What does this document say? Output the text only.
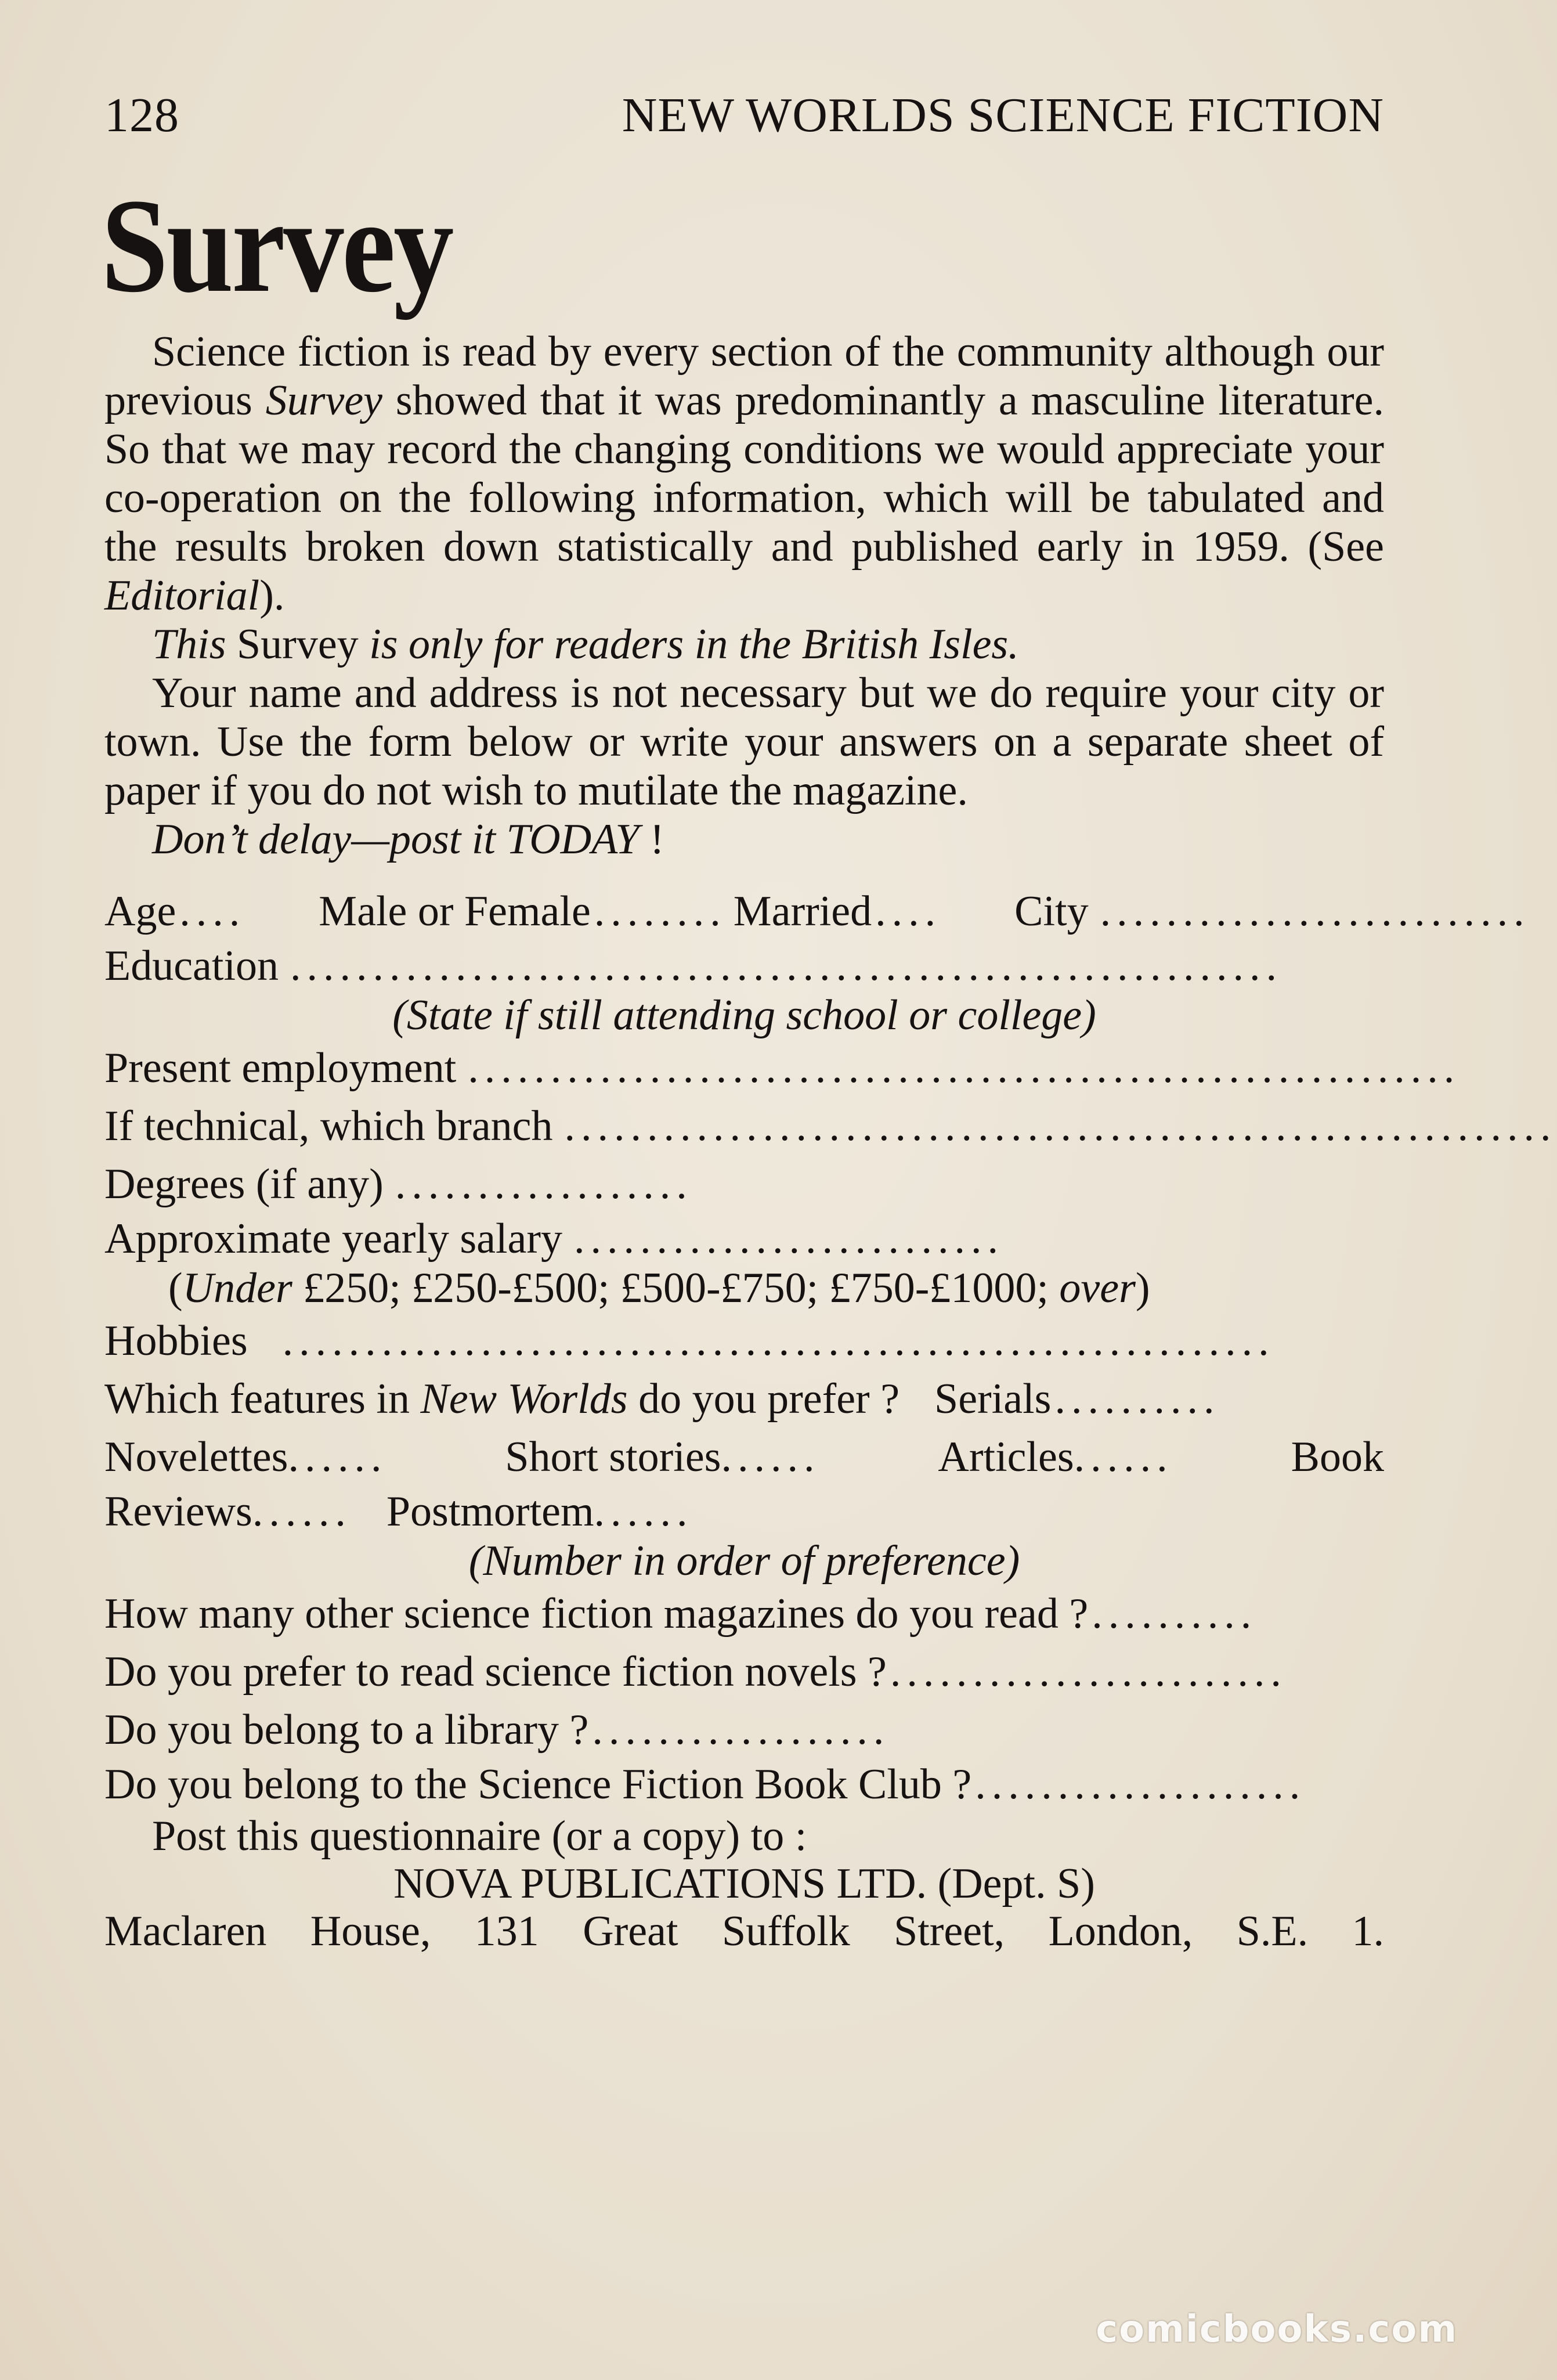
128	NEW WORLDS SCIENCE FICTION
Survey

Science fiction is read by every section of the community although our previous Survey showed that it was predominantly a masculine literature. So that we may record the changing conditions we would appreciate your co-operation on the following information, which will be tabulated and the results broken down statistically and published early in 1959. (See Editorial).

This Survey is only for readers in the British Isles.

Your name and address is not necessary but we do require your city or town. Use the form below or write your answers on a separate sheet of paper if you do not wish to mutilate the magazine.

Don’t delay—post it TODAY !

Age ....	Male or Female ........ Married ....	City ..........................
Education ............................................................
(State if still attending school or college)
Present employment ............................................................
If technical, which branch ............................................................
Degrees (if any) ..................
Approximate yearly salary ..........................
(Under £250; £250-£500; £500-£750; £750-£1000; over)
Hobbies ............................................................
Which features in New Worlds do you prefer ? Serials ..........
Novelettes......	Short stories......	Articles......	Book
Reviews ...... Postmortem ......
(Number in order of preference)
How many other science fiction magazines do you read ? ..........
Do you prefer to read science fiction novels ? ........................
Do you belong to a library ? ..................
Do you belong to the Science Fiction Book Club ? ....................
Post this questionnaire (or a copy) to :
NOVA PUBLICATIONS LTD. (Dept. S)
Maclaren House, 131 Great Suffolk Street, London, S.E. 1.
comicbooks.com
